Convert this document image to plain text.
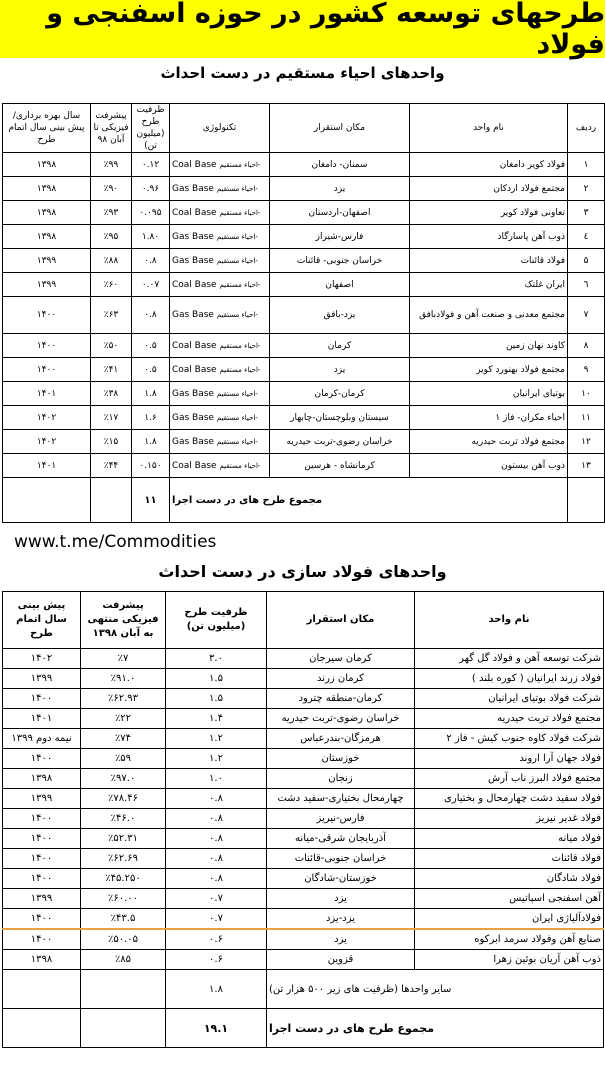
طرحهای توسعه کشور در حوزه اسفنجی و فولاد
واحدهای احیاء مستقیم در دست احداث
ردیف	نام واحد	مکان استقرار	تکنولوژی	ظرفیت طرح (میلیون تن)	پیشرفت فیزیکی تا آبان ۹۸	سال بهره برداری/ پیش بینی سال اتمام طرح
۱	فولاد کویر دامغان	سمنان- دامغان	Coal Base احیاء مستقیم-	۰.۱۲	٪۹۹	۱۳۹۸
۲	مجتمع فولاد اردکان	یزد	Gas Base احیاء مستقیم-	۰.۹۶	٪۹۰	۱۳۹۸
۳	تعاونی فولاد کویر	اصفهان-اردستان	Coal Base احیاء مستقیم-	۰.۰۹۵	٪۹۳	۱۳۹۸
٤	ذوب آهن پاسارگاد	فارس-شیراز	Gas Base احیاء مستقیم-	۱.۸۰	٪۹۵	۱۳۹۸
۵	فولاد قائنات	خراسان جنوبی- قائنات	Gas Base احیاء مستقیم-	۰.۸	٪۸۸	۱۳۹۹
٦	ایران غلتک	اصفهان	Coal Base احیاء مستقیم-	۰.۰۷	٪۶۰	۱۳۹۹
۷	مجتمع معدنی و صنعت آهن و فولادبافق	یزد-بافق	Gas Base احیاء مستقیم-	۰.۸	٪۶۳	۱۴۰۰
۸	کاوند نهان زمین	کرمان	Coal Base احیاء مستقیم-	۰.۵	٪۵۰	۱۴۰۰
۹	مجتمع فولاد بهنورد کویر	یزد	Coal Base احیاء مستقیم-	۰.۵	٪۴۱	۱۴۰۰
۱۰	بوتیای ایرانیان	کرمان-کرمان	Gas Base احیاء مستقیم-	۱.۸	٪۳۸	۱۴۰۱
۱۱	احیاء مکران- فاز ۱	سیستان وبلوچستان-چابهار	Gas Base احیاء مستقیم-	۱.۶	٪۱۷	۱۴۰۲
۱۲	مجتمع فولاد تربت حیدریه	خراسان رضوی-تربت حیدریه	Gas Base احیاء مستقیم-	۱.۸	٪۱۵	۱۴۰۲
۱۳	ذوب آهن بیستون	کرمانشاه - هرسین	Coal Base احیاء مستقیم-	۰.۱۵۰	٪۴۴	۱۴۰۱
	مجموع طرح های در دست اجرا			۱۱		
www.t.me/Commodities
واحدهای فولاد سازی در دست احداث
نام واحد	مکان استقرار	ظرفیت طرح (میلیون تن)	پیشرفت فیزیکی منتهی به آبان ۱۳۹۸	پیش بینی سال اتمام طرح
شرکت توسعه آهن و فولاد گل گهر	کرمان سیرجان	۳.۰	٪۷	۱۴۰۲
فولاد زرند ایرانیان ( کوره بلند )	کرمان زرند	۱.۵	٪۹۱.۰	۱۳۹۹
شرکت فولاد بوتیای ایرانیان	کرمان-منطقه چترود	۱.۵	٪۶۲.۹۳	۱۴۰۰
مجتمع فولاد تربت حیدریه	خراسان رضوی-تربت حیدریه	۱.۴	٪۲۲	۱۴۰۱
شرکت فولاد کاوه جنوب کیش - فاز ۲	هرمزگان-بندرعباس	۱.۲	٪۷۴	نیمه دوم ۱۳۹۹
فولاد جهان آرا اروند	خوزستان	۱.۲	٪۵۹	۱۴۰۰
مجتمع فولاد البرز ناب آرش	زنجان	۱.۰	٪۹۷.۰	۱۳۹۸
فولاد سفید دشت چهارمحال و بختیاری	چهارمحال بختیاری-سفید دشت	۰.۸	٪۷۸.۴۶	۱۳۹۹
فولاد غدیر نیریز	فارس-نیریز	۰.۸	٪۴۶.۰	۱۴۰۰
فولاد میانه	آذربایجان شرقی-میانه	۰.۸	٪۵۲.۳۱	۱۴۰۰
فولاد قائنات	خراسان جنوبی-قائنات	۰.۸	٪۶۲.۶۹	۱۴۰۰
فولاد شادگان	خوزستان-شادگان	۰.۸	٪۴۵.۲۵۰	۱۴۰۰
آهن اسفنجی اسپاتیس	یزد	۰.۷	٪۶۰.۰۰	۱۳۹۹
فولادآلیاژی ایران	یزد-یزد	۰.۷	٪۴۳.۵	۱۴۰۰
صنایع آهن وفولاد سرمد ابرکوه	یزد	۰.۶	٪۵۰.۰۵	۱۴۰۰
ذوب آهن آریان بوئین زهرا	قزوین	۰.۶	٪۸۵	۱۳۹۸
سایر واحدها (ظرفیت های زیر ۵۰۰ هزار تن)		۱.۸		
مجموع طرح های در دست اجرا		۱۹.۱		
